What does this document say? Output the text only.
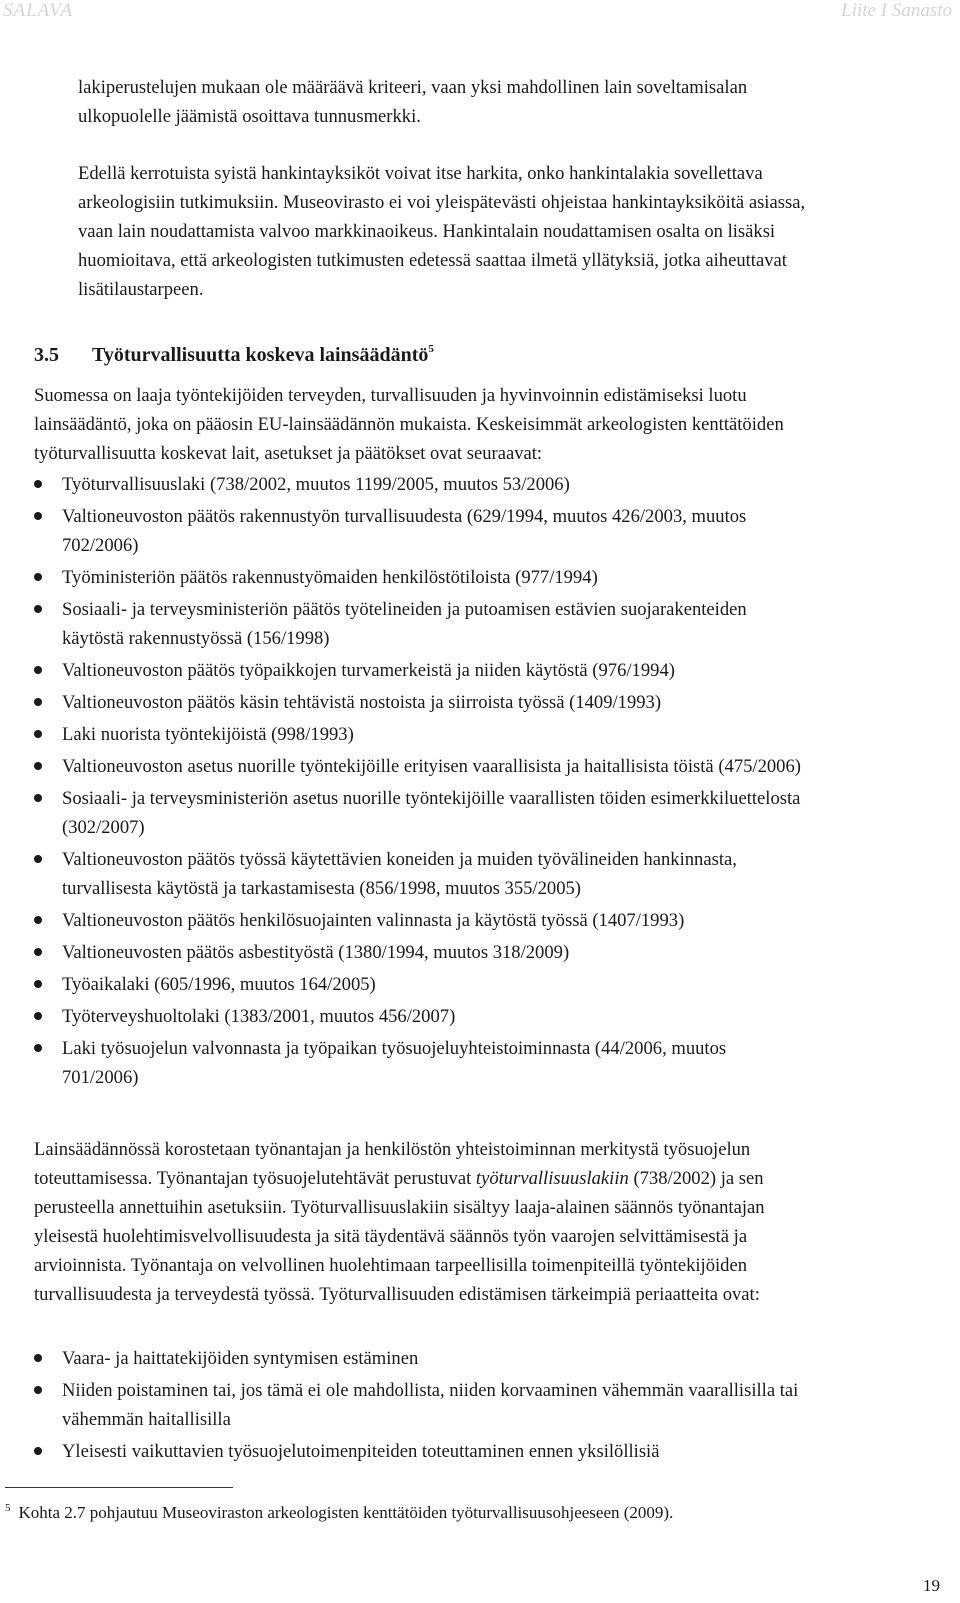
SALAVA	Liite I Sanasto

lakiperustelujen mukaan ole määräävä kriteeri, vaan yksi mahdollinen lain soveltamisalan
ulkopuolelle jäämistä osoittava tunnusmerkki.

Edellä kerrotuista syistä hankintayksiköt voivat itse harkita, onko hankintalakia sovellettava
arkeologisiin tutkimuksiin. Museovirasto ei voi yleispätevästi ohjeistaa hankintayksiköitä asiassa,
vaan lain noudattamista valvoo markkinaoikeus. Hankintalain noudattamisen osalta on lisäksi
huomioitava, että arkeologisten tutkimusten edetessä saattaa ilmetä yllätyksiä, jotka aiheuttavat
lisätilaustarpeen.

3.5 Työturvallisuutta koskeva lainsäädäntö$^5$

Suomessa on laaja työntekijöiden terveyden, turvallisuuden ja hyvinvoinnin edistämiseksi luotu
lainsäädäntö, joka on pääosin EU-lainsäädännön mukaista. Keskeisimmät arkeologisten kenttätöiden
työturvallisuutta koskevat lait, asetukset ja päätökset ovat seuraavat:

Työturvallisuuslaki (738/2002, muutos 1199/2005, muutos 53/2006)
Valtioneuvoston päätös rakennustyön turvallisuudesta (629/1994, muutos 426/2003, muutos
702/2006)
Työministeriön päätös rakennustyömaiden henkilöstötiloista (977/1994)
Sosiaali- ja terveysministeriön päätös työtelineiden ja putoamisen estävien suojarakenteiden
käytöstä rakennustyössä (156/1998)
Valtioneuvoston päätös työpaikkojen turvamerkeistä ja niiden käytöstä (976/1994)
Valtioneuvoston päätös käsin tehtävistä nostoista ja siirroista työssä (1409/1993)
Laki nuorista työntekijöistä (998/1993)
Valtioneuvoston asetus nuorille työntekijöille erityisen vaarallisista ja haitallisista töistä (475/2006)
Sosiaali- ja terveysministeriön asetus nuorille työntekijöille vaarallisten töiden esimerkkiluettelosta
(302/2007)
Valtioneuvoston päätös työssä käytettävien koneiden ja muiden työvälineiden hankinnasta,
turvallisesta käytöstä ja tarkastamisesta (856/1998, muutos 355/2005)
Valtioneuvoston päätös henkilösuojainten valinnasta ja käytöstä työssä (1407/1993)
Valtioneuvosten päätös asbestityöstä (1380/1994, muutos 318/2009)
Työaikalaki (605/1996, muutos 164/2005)
Työterveyshuoltolaki (1383/2001, muutos 456/2007)
Laki työsuojelun valvonnasta ja työpaikan työsuojeluyhteistoiminnasta (44/2006, muutos
701/2006)

Lainsäädännössä korostetaan työnantajan ja henkilöstön yhteistoiminnan merkitystä työsuojelun
toteuttamisessa. Työnantajan työsuojelutehtävät perustuvat työturvallisuuslakiin (738/2002) ja sen
perusteella annettuihin asetuksiin. Työturvallisuuslakiin sisältyy laaja-alainen säännös työnantajan
yleisestä huolehtimisvelvollisuudesta ja sitä täydentävä säännös työn vaarojen selvittämisestä ja
arvioinnista. Työnantaja on velvollinen huolehtimaan tarpeellisilla toimenpiteillä työntekijöiden
turvallisuudesta ja terveydestä työssä. Työturvallisuuden edistämisen tärkeimpiä periaatteita ovat:

Vaara- ja haittatekijöiden syntymisen estäminen
Niiden poistaminen tai, jos tämä ei ole mahdollista, niiden korvaaminen vähemmän vaarallisilla tai
vähemmän haitallisilla
Yleisesti vaikuttavien työsuojelutoimenpiteiden toteuttaminen ennen yksilöllisiä
$^5$ Kohta 2.7 pohjautuu Museoviraston arkeologisten kenttätöiden työturvallisuusohjeeseen (2009).
19
